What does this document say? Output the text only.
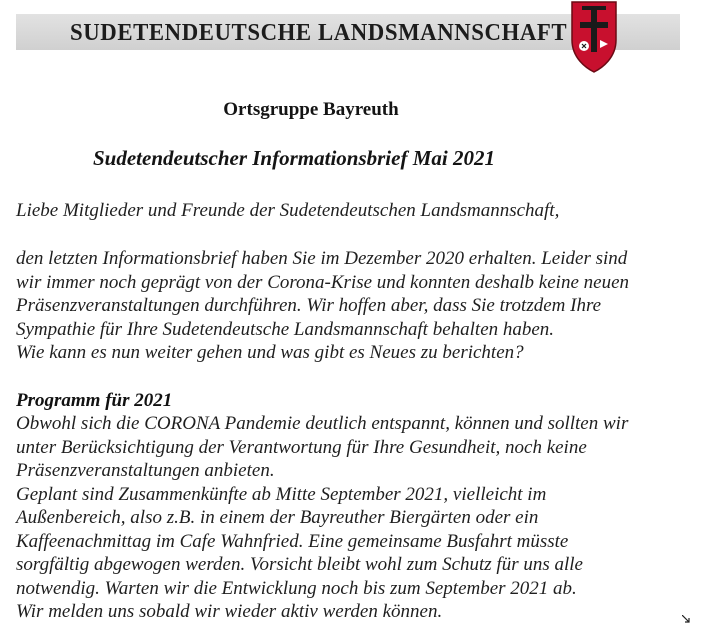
SUDETENDEUTSCHE LANDSMANNSCHAFT
Ortsgruppe Bayreuth
Sudetendeutscher Informationsbrief Mai 2021
Liebe Mitglieder und Freunde der Sudetendeutschen Landsmannschaft,
den letzten Informationsbrief haben Sie im Dezember 2020 erhalten. Leider sind
wir immer noch geprägt von der Corona-Krise und konnten deshalb keine neuen
Präsenzveranstaltungen durchführen. Wir hoffen aber, dass Sie trotzdem Ihre
Sympathie für Ihre Sudetendeutsche Landsmannschaft behalten haben.
Wie kann es nun weiter gehen und was gibt es Neues zu berichten?
Programm für 2021
Obwohl sich die CORONA Pandemie deutlich entspannt, können und sollten wir
unter Berücksichtigung der Verantwortung für Ihre Gesundheit, noch keine
Präsenzveranstaltungen anbieten.
Geplant sind Zusammenkünfte ab Mitte September 2021, vielleicht im
Außenbereich, also z.B. in einem der Bayreuther Biergärten oder ein
Kaffeenachmittag im Cafe Wahnfried. Eine gemeinsame Busfahrt müsste
sorgfältig abgewogen werden. Vorsicht bleibt wohl zum Schutz für uns alle
notwendig. Warten wir die Entwicklung noch bis zum September 2021 ab.
Wir melden uns sobald wir wieder aktiv werden können.
